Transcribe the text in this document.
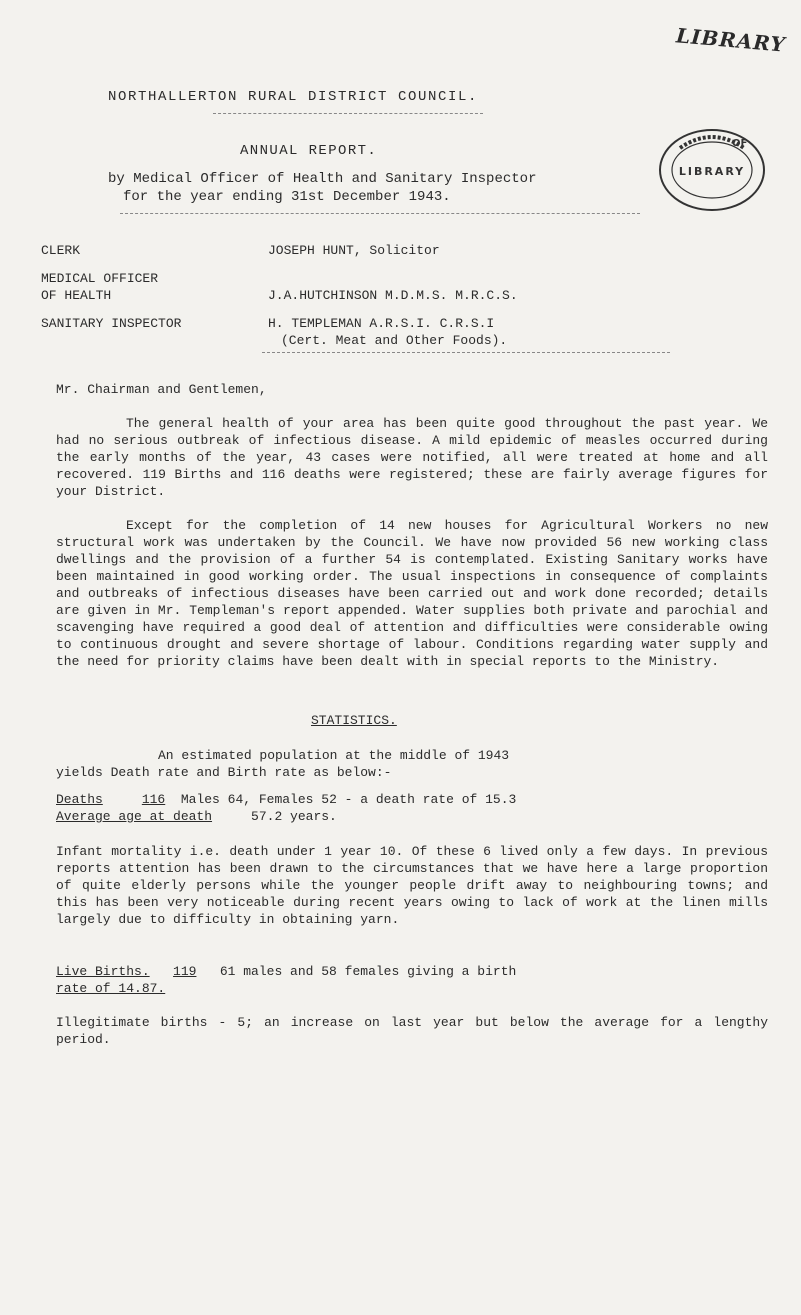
LIBRARY
NORTHALLERTON RURAL DISTRICT COUNCIL.
ANNUAL REPORT.
by Medical Officer of Health and Sanitary Inspector
for the year ending 31st December 1943.
OF
LIBRARY
CLERK	JOSEPH HUNT, Solicitor
MEDICAL OFFICER
OF HEALTH	J.A.HUTCHINSON M.D.M.S. M.R.C.S.
SANITARY INSPECTOR	H. TEMPLEMAN A.R.S.I. C.R.S.I
(Cert. Meat and Other Foods).
Mr. Chairman and Gentlemen,
The general health of your area has been quite good throughout the past year. We had no serious outbreak of infectious disease. A mild epidemic of measles occurred during the early months of the year, 43 cases were notified, all were treated at home and all recovered. 119 Births and 116 deaths were registered; these are fairly average figures for your District.
Except for the completion of 14 new houses for Agricultural Workers no new structural work was undertaken by the Council. We have now provided 56 new working class dwellings and the provision of a further 54 is contemplated. Existing Sanitary works have been maintained in good working order. The usual inspections in consequence of complaints and outbreaks of infectious diseases have been carried out and work done recorded; details are given in Mr. Templeman's report appended. Water supplies both private and parochial and scavenging have required a good deal of attention and difficulties were considerable owing to continuous drought and severe shortage of labour. Conditions regarding water supply and the need for priority claims have been dealt with in special reports to the Ministry.
STATISTICS.
An estimated population at the middle of 1943
yields Death rate and Birth rate as below:-
Deaths	116 Males 64, Females 52 - a death rate of 15.3
Average age at death	57.2 years.
Infant mortality i.e. death under 1 year 10. Of these 6 lived only a few days. In previous reports attention has been drawn to the circumstances that we have here a large proportion of quite elderly persons while the younger people drift away to neighbouring towns; and this has been very noticeable during recent years owing to lack of work at the linen mills largely due to difficulty in obtaining yarn.
Live Births. 119 61 males and 58 females giving a birth
rate of 14.87.
Illegitimate births - 5; an increase on last year but below the average for a lengthy period.
